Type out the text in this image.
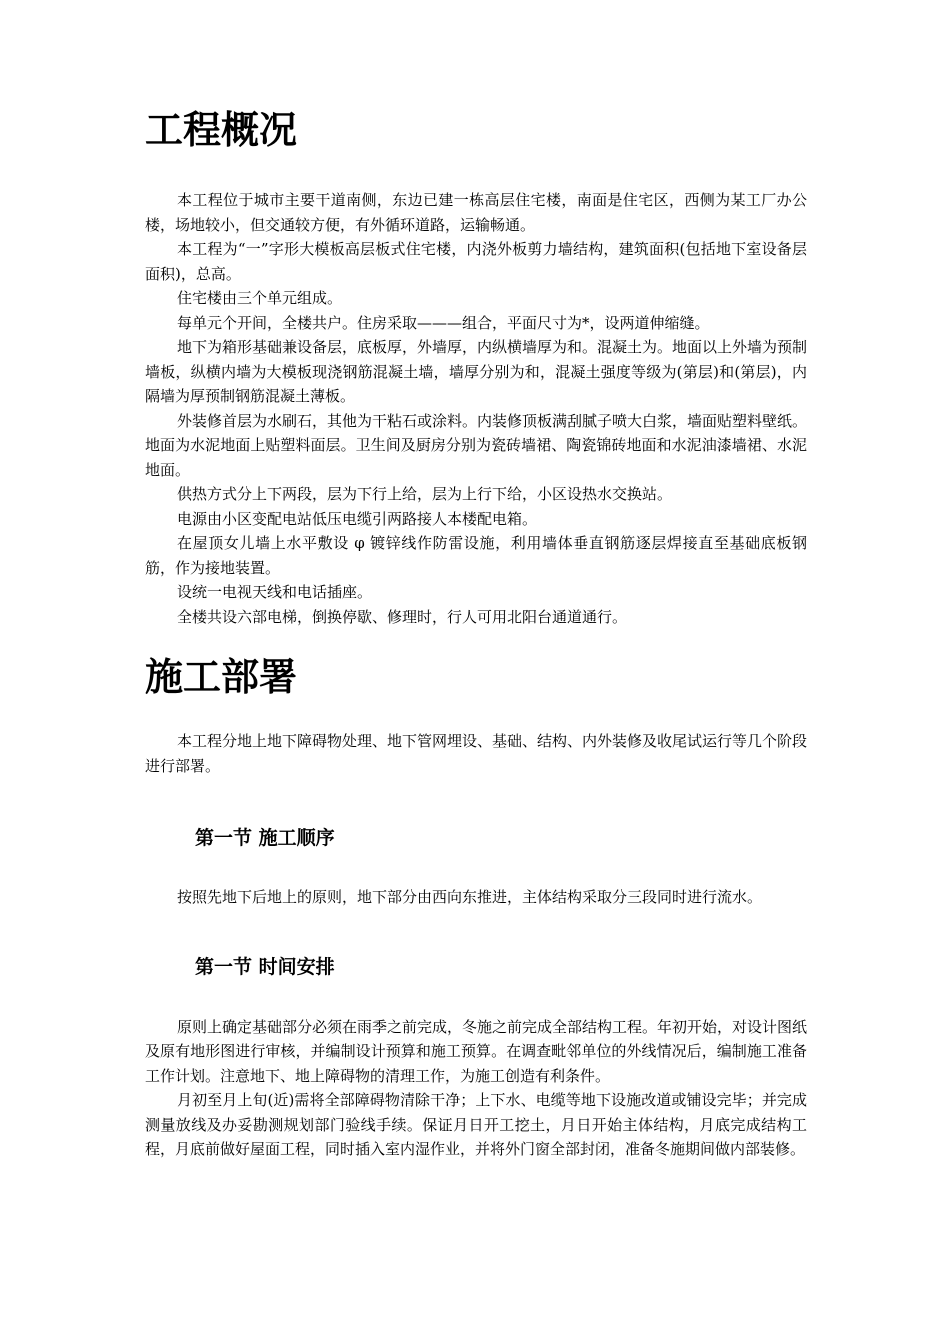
工程概况

本工程位于城市主要干道南侧，东边已建一栋高层住宅楼，南面是住宅区，西侧为某工厂办公楼，场地较小，但交通较方便，有外循环道路，运输畅通。

本工程为“一”字形大模板高层板式住宅楼，内浇外板剪力墙结构，建筑面积(包括地下室设备层面积)，总高。

住宅楼由三个单元组成。

每单元个开间，全楼共户。住房采取———组合，平面尺寸为*，设两道伸缩缝。

地下为箱形基础兼设备层，底板厚，外墙厚，内纵横墙厚为和。混凝土为。地面以上外墙为预制墙板，纵横内墙为大模板现浇钢筋混凝土墙，墙厚分别为和，混凝土强度等级为(第层)和(第层)，内隔墙为厚预制钢筋混凝土薄板。

外装修首层为水刷石，其他为干粘石或涂料。内装修顶板满刮腻子喷大白浆，墙面贴塑料壁纸。地面为水泥地面上贴塑料面层。卫生间及厨房分别为瓷砖墙裙、陶瓷锦砖地面和水泥油漆墙裙、水泥地面。

供热方式分上下两段，层为下行上给，层为上行下给，小区设热水交换站。

电源由小区变配电站低压电缆引两路接人本楼配电箱。

在屋顶女儿墙上水平敷设 φ 镀锌线作防雷设施，利用墙体垂直钢筋逐层焊接直至基础底板钢筋，作为接地装置。

设统一电视天线和电话插座。

全楼共设六部电梯，倒换停歇、修理时，行人可用北阳台通道通行。

施工部署

本工程分地上地下障碍物处理、地下管网埋设、基础、结构、内外装修及收尾试运行等几个阶段进行部署。

第一节 施工顺序

按照先地下后地上的原则，地下部分由西向东推进，主体结构采取分三段同时进行流水。

第一节 时间安排

原则上确定基础部分必须在雨季之前完成，冬施之前完成全部结构工程。年初开始，对设计图纸及原有地形图进行审核，并编制设计预算和施工预算。在调查毗邻单位的外线情况后，编制施工准备工作计划。注意地下、地上障碍物的清理工作，为施工创造有利条件。

月初至月上旬(近)需将全部障碍物清除干净；上下水、电缆等地下设施改道或铺设完毕；并完成测量放线及办妥勘测规划部门验线手续。保证月日开工挖土，月日开始主体结构，月底完成结构工程，月底前做好屋面工程，同时插入室内湿作业，并将外门窗全部封闭，准备冬施期间做内部装修。
